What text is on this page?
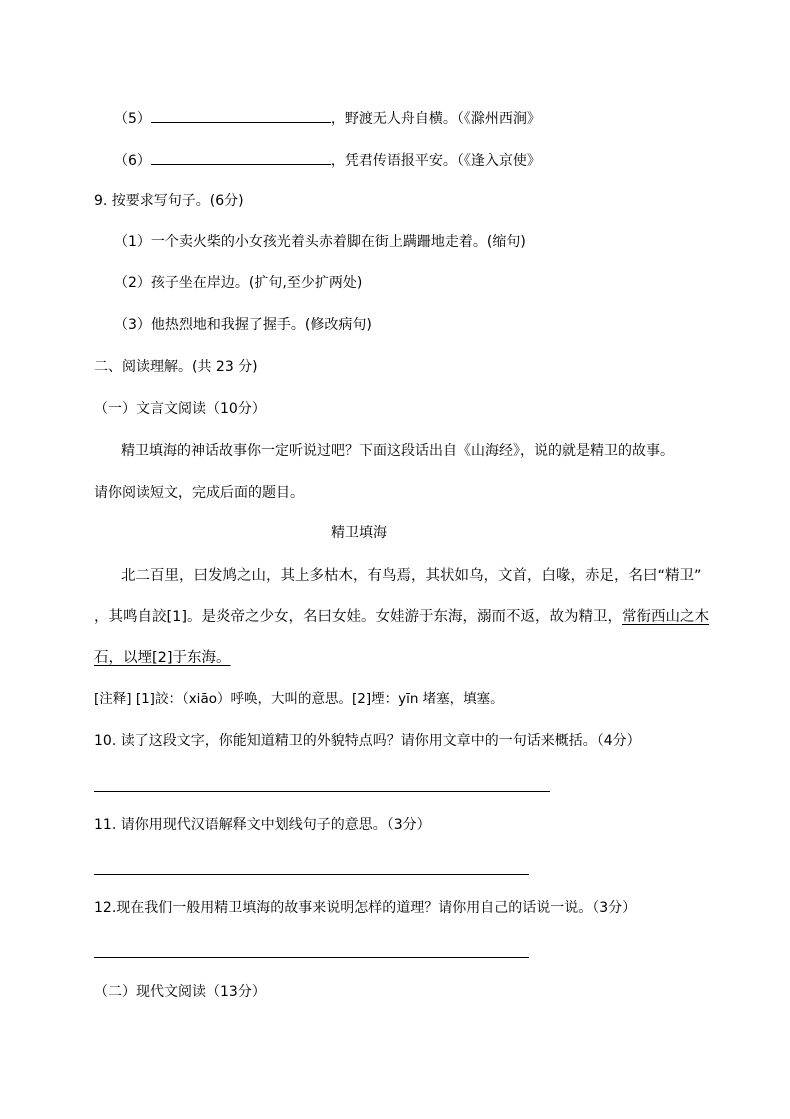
（5）	，野渡无人舟自横。（《滁州西涧》
（6）	，凭君传语报平安。（《逢入京使》
9. 按要求写句子。(6分)
（1）一个卖火柴的小女孩光着头赤着脚在街上蹒跚地走着。(缩句)
（2）孩子坐在岸边。(扩句,至少扩两处)
（3）他热烈地和我握了握手。(修改病句)
二、阅读理解。(共 23 分)
（一）文言文阅读（10分）
精卫填海的神话故事你一定听说过吧？下面这段话出自《山海经》，说的就是精卫的故事。
请你阅读短文，完成后面的题目。
精卫填海
北二百里，曰发鸠之山，其上多枯木，有鸟焉，其状如乌，文首，白喙，赤足，名曰“精卫”
，其鸣自詨[1]。是炎帝之少女，名曰女娃。女娃游于东海，溺而不返，故为精卫，常衔西山之木
石，以堙[2]于东海。
[注释] [1]詨：（xiāo）呼唤，大叫的意思。[2]堙：yīn 堵塞，填塞。
10. 读了这段文字，你能知道精卫的外貌特点吗？请你用文章中的一句话来概括。（4分）
11. 请你用现代汉语解释文中划线句子的意思。（3分）
12.现在我们一般用精卫填海的故事来说明怎样的道理？请你用自己的话说一说。（3分）
（二）现代文阅读（13分）
